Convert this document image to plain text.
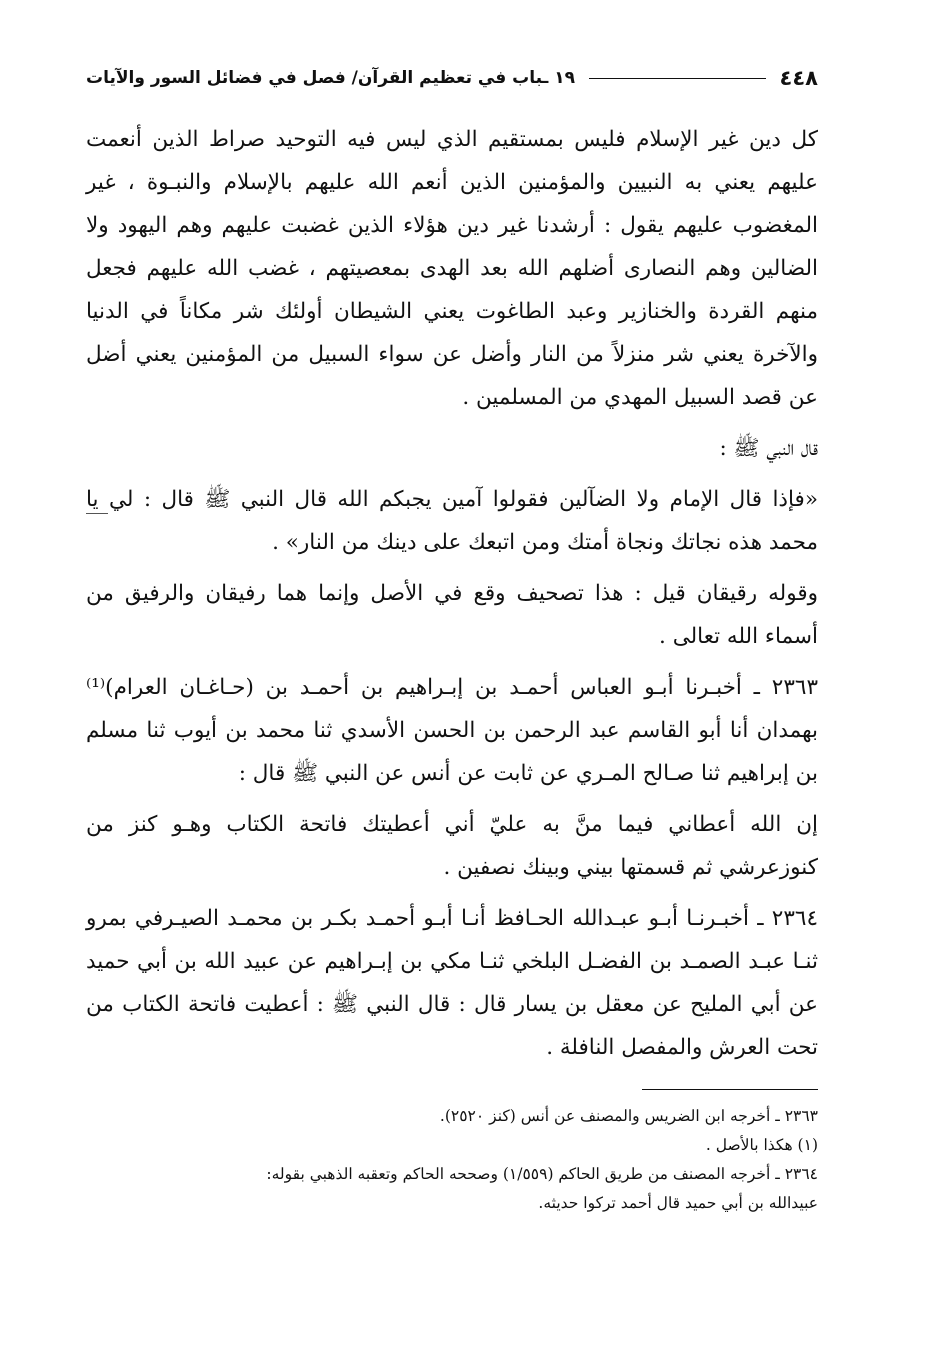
٤٤٨
١٩ ـباب في تعظيم القرآن/ فصل في فضائل السور والآيات

كل دين غير الإسلام فليس بمستقيم الذي ليس فيه التوحيد صراط الذين أنعمت عليهم يعني به النبيين والمؤمنين الذين أنعم الله عليهم بالإسلام والنبـوة ، غير المغضوب عليهم يقول : أرشدنا غير دين هؤلاء الذين غضبت عليهم وهم اليهود ولا الضالين وهم النصارى أضلهم الله بعد الهدى بمعصيتهم ، غضب الله عليهم فجعل منهم القردة والخنازير وعبد الطاغوت يعني الشيطان أولئك شر مكاناً في الدنيا والآخرة يعني شر منزلاً من النار وأضل عن سواء السبيل من المؤمنين يعني أضل عن قصد السبيل المهدي من المسلمين .

قال النبي ﷺ :

«فإذا قال الإمام ولا الضآلين فقولوا آمين يجبكم الله قال النبي ﷺ قال : لي يا محمد هذه نجاتك ونجاة أمتك ومن اتبعك على دينك من النار» .

وقوله رقيقان قيل : هذا تصحيف وقع في الأصل وإنما هما رفيقان والرفيق من أسماء الله تعالى .

٢٣٦٣ ـ أخبـرنا أبـو العباس أحمـد بن إبـراهيم بن أحمـد بن (حـاغـان العرام)⁽¹⁾ بهمدان أنا أبو القاسم عبد الرحمن بن الحسن الأسدي ثنا محمد بن أيوب ثنا مسلم بن إبراهيم ثنا صـالح المـري عن ثابت عن أنس عن النبي ﷺ قال :

إن الله أعطاني فيما منَّ به عليّ أني أعطيتك فاتحة الكتاب وهـو كنز من كنوزعرشي ثم قسمتها بيني وبينك نصفين .

٢٣٦٤ ـ أخبـرنـا أبـو عبـدالله الحـافظ أنـا أبـو أحمـد بكـر بن محمـد الصيـرفي بمرو ثنـا عبـد الصمـد بن الفضـل البلخي ثنـا مكي بن إبـراهيم عن عبيد الله بن أبي حميد عن أبي المليح عن معقل بن يسار قال : قال النبي ﷺ : أعطيت فاتحة الكتاب من تحت العرش والمفصل النافلة .

٢٣٦٣ ـ أخرجه ابن الضريس والمصنف عن أنس (كنز ٢٥٢٠).

(١) هكذا بالأصل .

٢٣٦٤ ـ أخرجه المصنف من طريق الحاكم (١/٥٥٩) وصححه الحاكم وتعقبه الذهبي بقوله:

عبيدالله بن أبي حميد قال أحمد تركوا حديثه.
